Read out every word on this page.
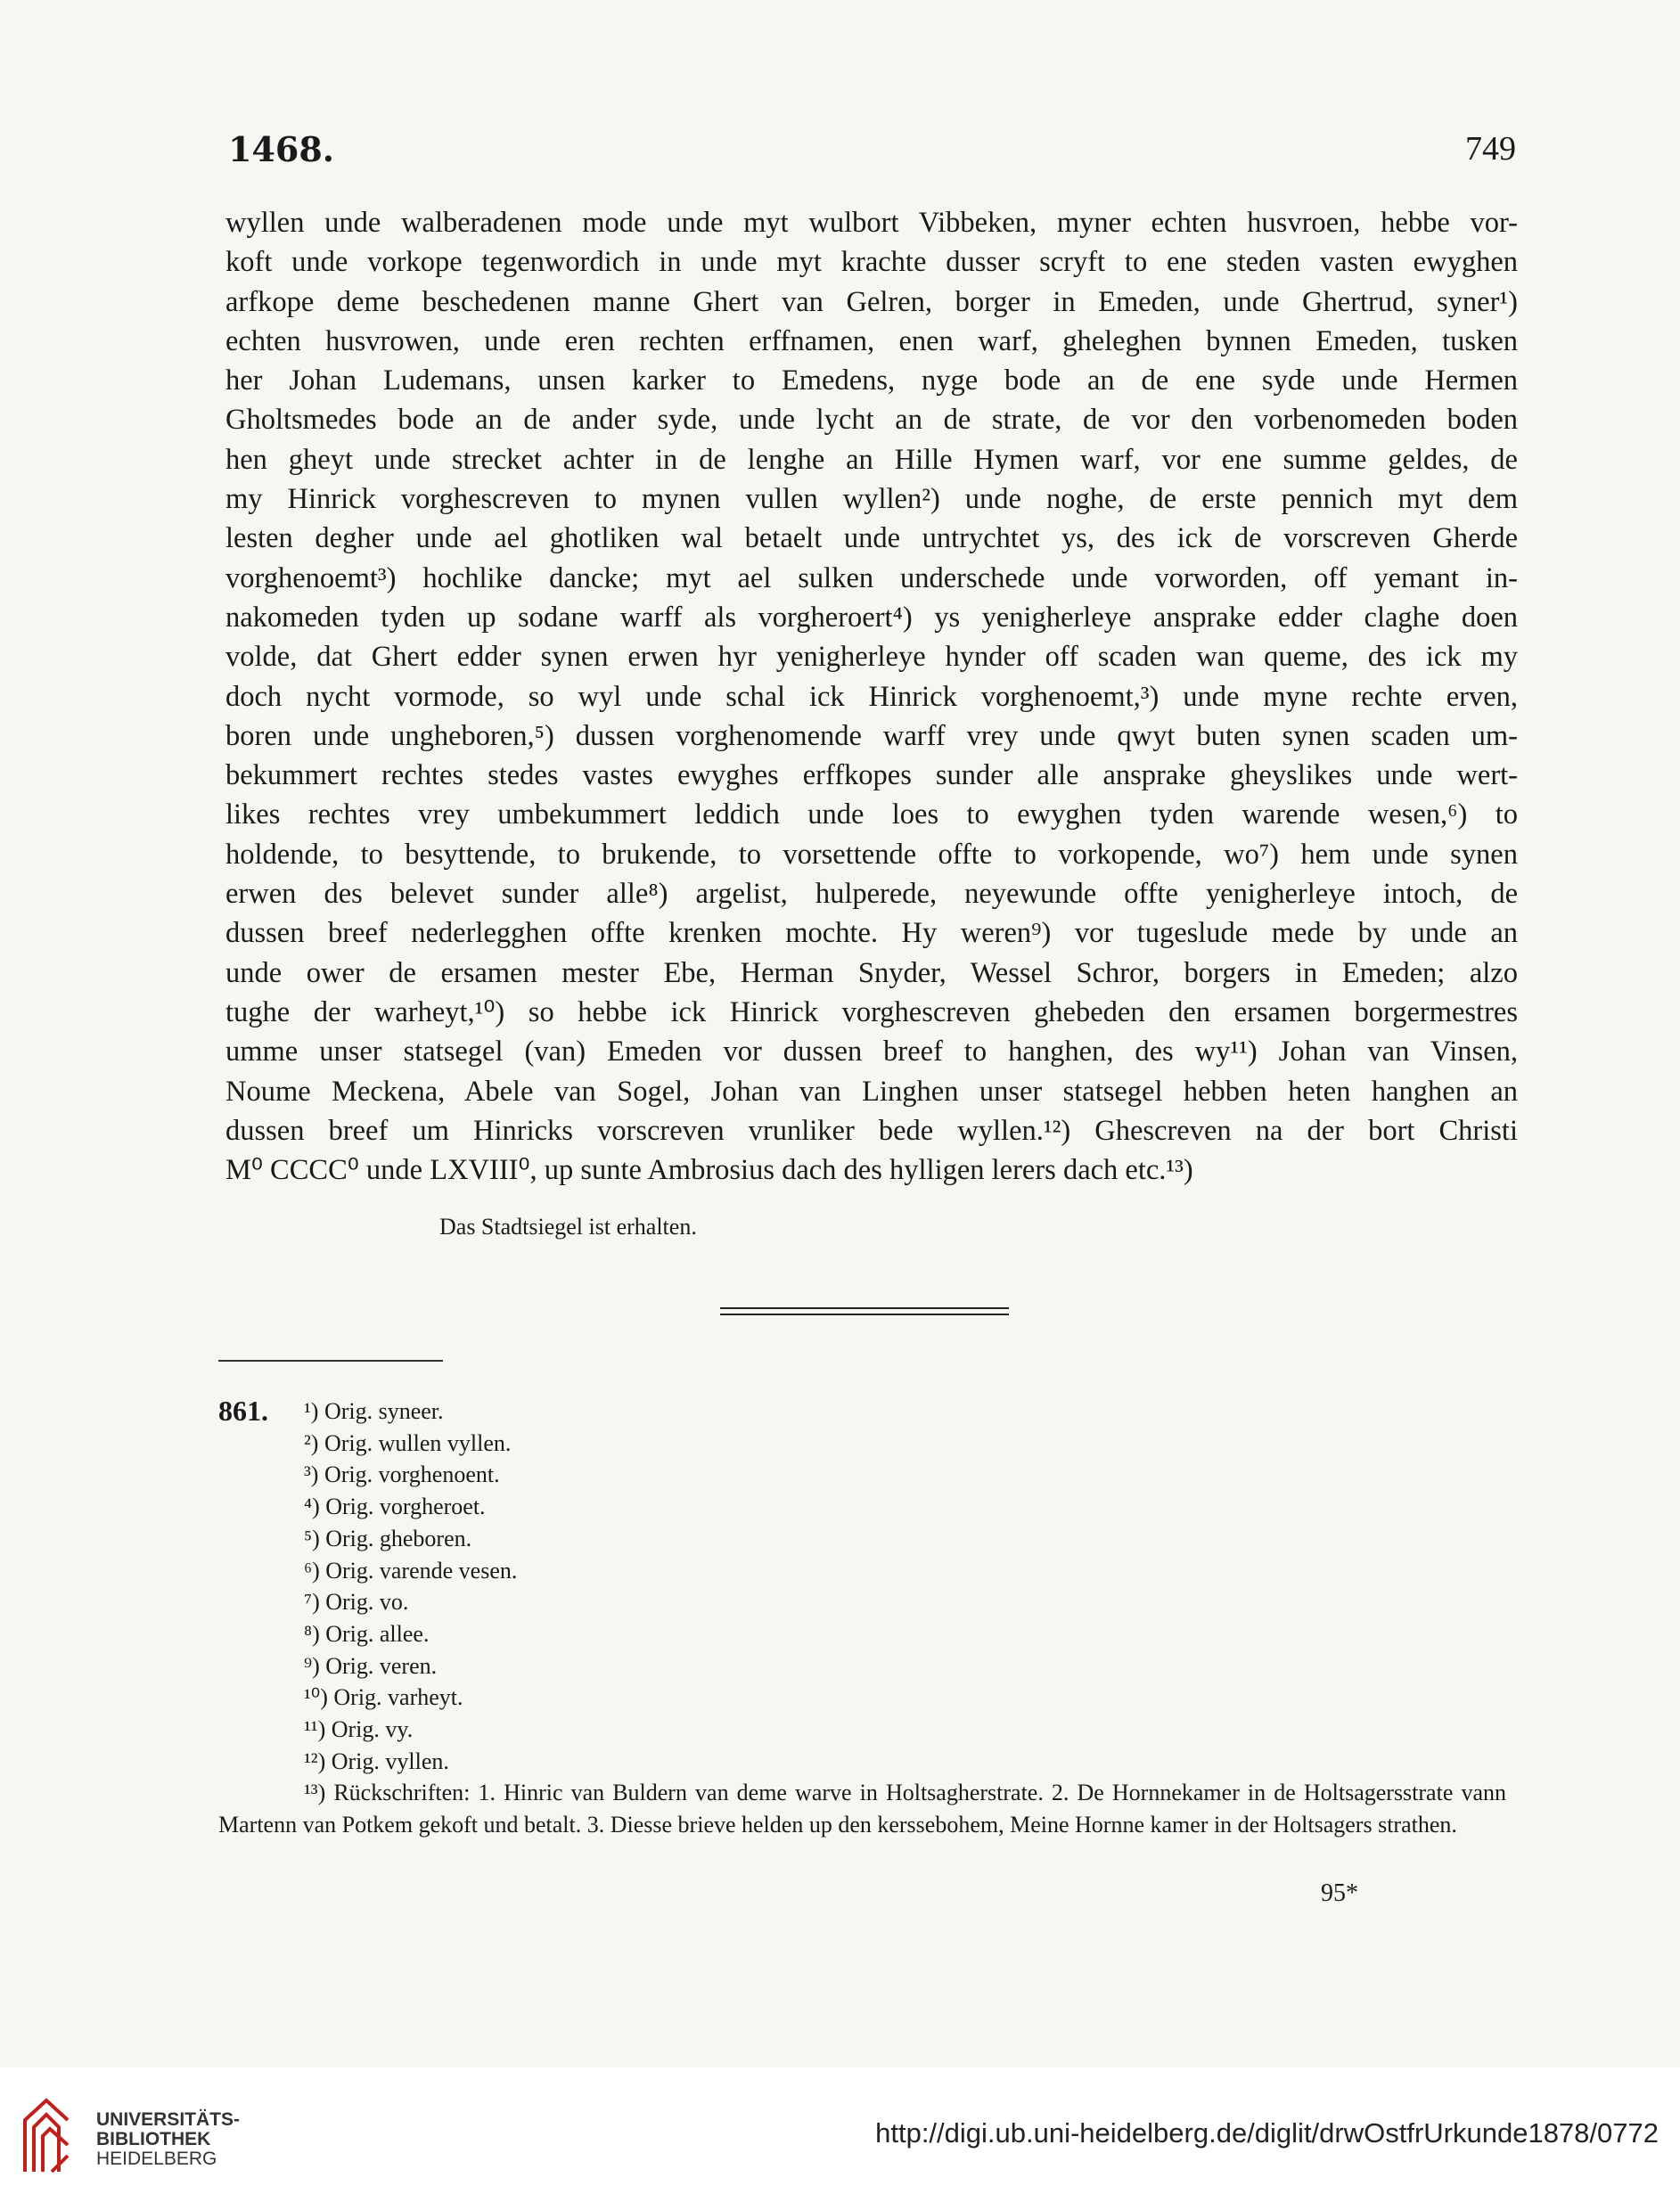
1468.	749

wyllen unde walberadenen mode unde myt wulbort Vibbeken, myner echten husvroen, hebbe vor-

koft unde vorkope tegenwordich in unde myt krachte dusser scryft to ene steden vasten ewyghen

arfkope deme beschedenen manne Ghert van Gelren, borger in Emeden, unde Ghertrud, syner¹)

echten husvrowen, unde eren rechten erffnamen, enen warf, gheleghen bynnen Emeden, tusken

her Johan Ludemans, unsen karker to Emedens, nyge bode an de ene syde unde Hermen

Gholtsmedes bode an de ander syde, unde lycht an de strate, de vor den vorbenomeden boden

hen gheyt unde strecket achter in de lenghe an Hille Hymen warf, vor ene summe geldes, de

my Hinrick vorghescreven to mynen vullen wyllen²) unde noghe, de erste pennich myt dem

lesten degher unde ael ghotliken wal betaelt unde untrychtet ys, des ick de vorscreven Gherde

vorghenoemt³) hochlike dancke; myt ael sulken underschede unde vorworden, off yemant in-

nakomeden tyden up sodane warff als vorgheroert⁴) ys yenigherleye ansprake edder claghe doen

volde, dat Ghert edder synen erwen hyr yenigherleye hynder off scaden wan queme, des ick my

doch nycht vormode, so wyl unde schal ick Hinrick vorghenoemt,³) unde myne rechte erven,

boren unde ungheboren,⁵) dussen vorghenomende warff vrey unde qwyt buten synen scaden um-

bekummert rechtes stedes vastes ewyghes erffkopes sunder alle ansprake gheyslikes unde wert-

likes rechtes vrey umbekummert leddich unde loes to ewyghen tyden warende wesen,⁶) to

holdende, to besyttende, to brukende, to vorsettende offte to vorkopende, wo⁷) hem unde synen

erwen des belevet sunder alle⁸) argelist, hulperede, neyewunde offte yenigherleye intoch, de

dussen breef nederlegghen offte krenken mochte. Hy weren⁹) vor tugeslude mede by unde an

unde ower de ersamen mester Ebe, Herman Snyder, Wessel Schror, borgers in Emeden; alzo

tughe der warheyt,¹⁰) so hebbe ick Hinrick vorghescreven ghebeden den ersamen borgermestres

umme unser statsegel (van) Emeden vor dussen breef to hanghen, des wy¹¹) Johan van Vinsen,

Noume Meckena, Abele van Sogel, Johan van Linghen unser statsegel hebben heten hanghen an

dussen breef um Hinricks vorscreven vrunliker bede wyllen.¹²) Ghescreven na der bort Christi

M⁰ CCCC⁰ unde LXVIII⁰, up sunte Ambrosius dach des hylligen lerers dach etc.¹³)

Das Stadtsiegel ist erhalten.
861. ¹) Orig. syneer.
²) Orig. wullen vyllen.
³) Orig. vorghenoent.
⁴) Orig. vorgheroet.
⁵) Orig. gheboren.
⁶) Orig. varende vesen.
⁷) Orig. vo.
⁸) Orig. allee.
⁹) Orig. veren.
¹⁰) Orig. varheyt.
¹¹) Orig. vy.
¹²) Orig. vyllen.
¹³) Rückschriften: 1. Hinric van Buldern van deme warve in Holtsagherstrate. 2. De Hornnekamer in de Holtsagersstrate vann Martenn van Potkem gekoft und betalt. 3. Diesse brieve helden up den kerssebohem, Meine Hornne kamer in der Holtsagers strathen.
95*
UNIVERSITÄTS-
BIBLIOTHEK
HEIDELBERG
http://digi.ub.uni-heidelberg.de/diglit/drwOstfrUrkunde1878/0772
